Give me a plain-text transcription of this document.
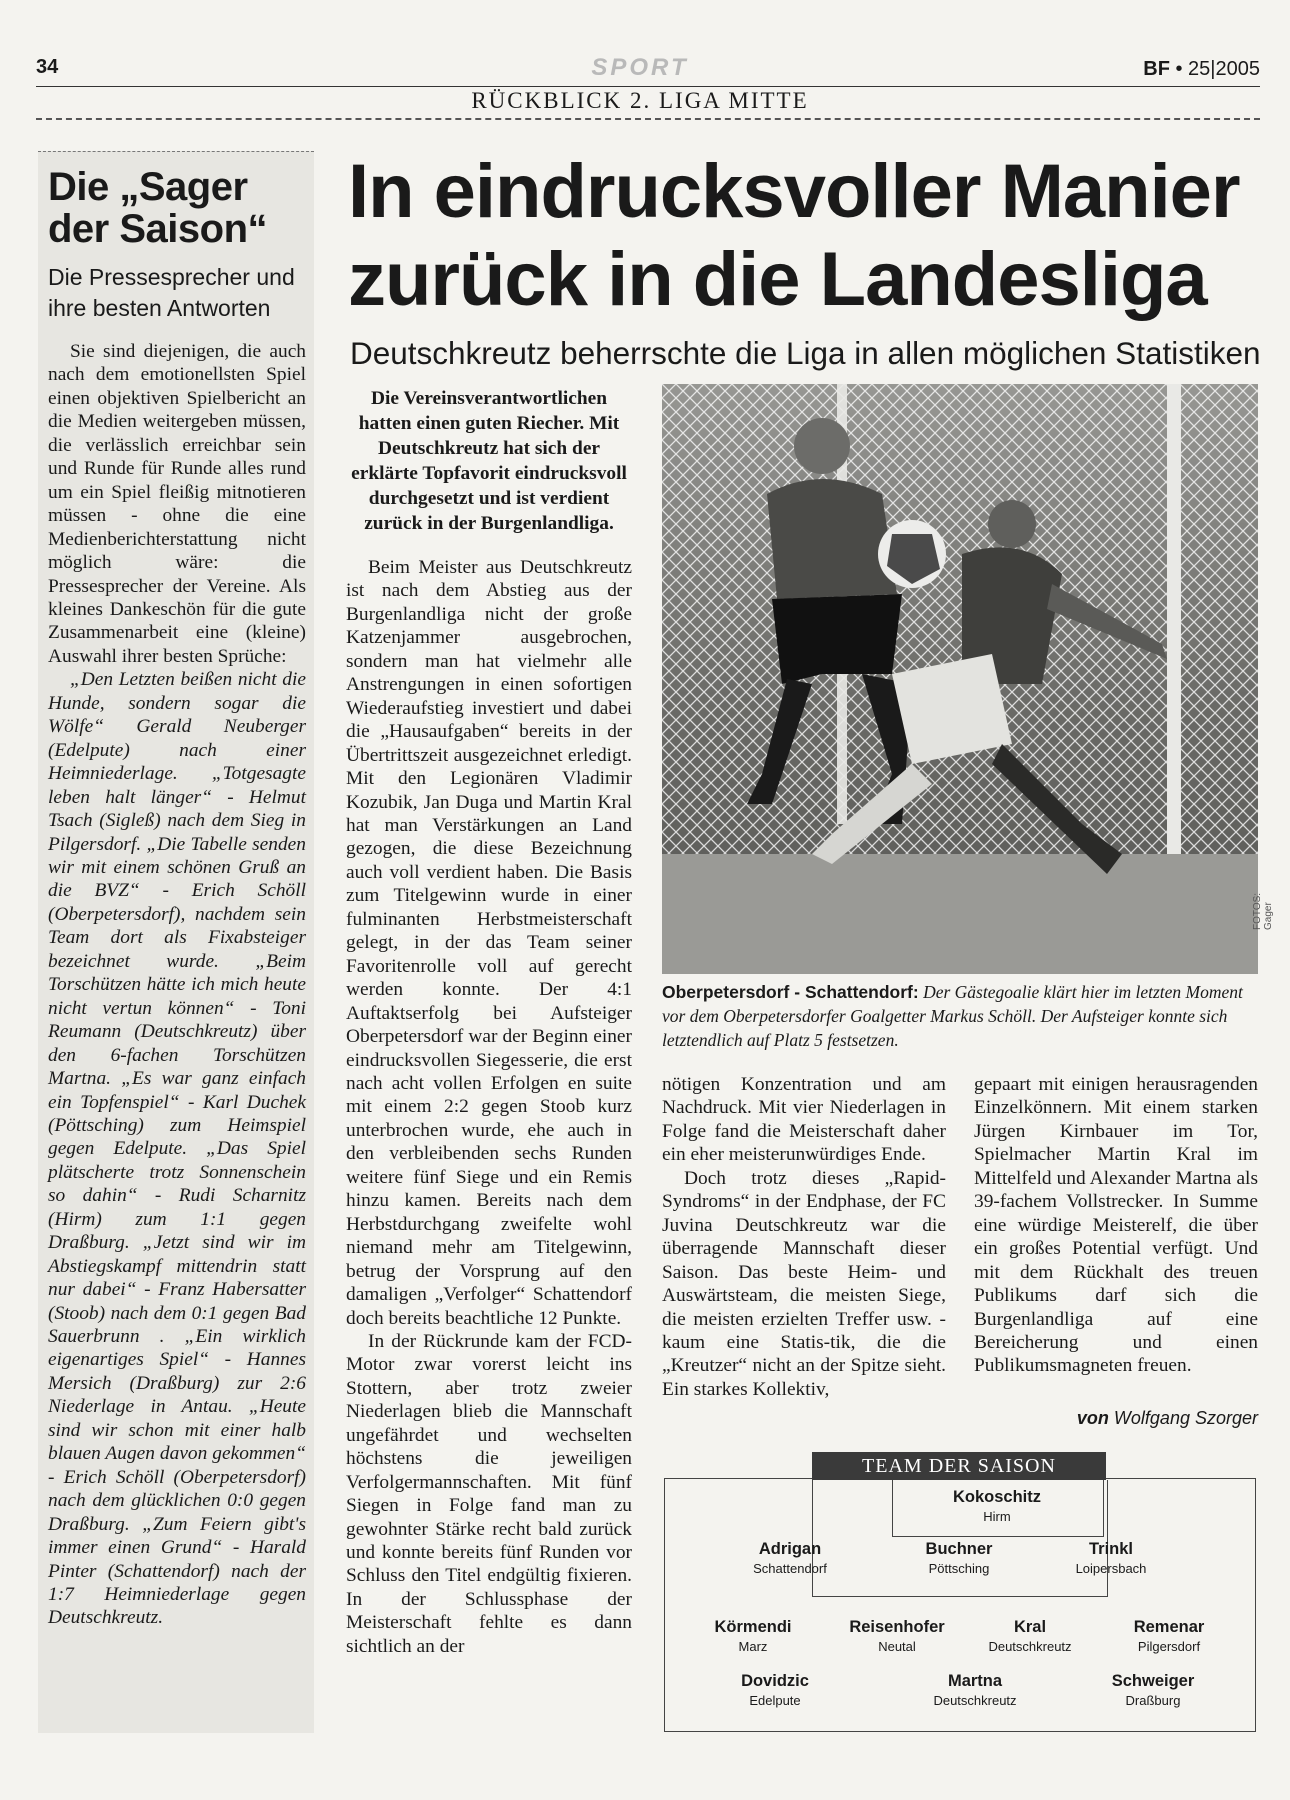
34	SPORT	BF • 25|2005
RÜCKBLICK 2. LIGA MITTE
Die „Sager
der Saison“
Die Pressesprecher und ihre besten Antworten

Sie sind diejenigen, die auch nach dem emotionellsten Spiel einen objektiven Spielbericht an die Medien weitergeben müssen, die verlässlich erreichbar sein und Runde für Runde alles rund um ein Spiel fleißig mitnotieren müssen - ohne die eine Medienberichterstattung nicht möglich wäre: die Pressesprecher der Vereine. Als kleines Dankeschön für die gute Zusammenarbeit eine (kleine) Auswahl ihrer besten Sprüche:

„Den Letzten beißen nicht die Hunde, sondern sogar die Wölfe“ Gerald Neuberger (Edelpute) nach einer Heimniederlage. „Totgesagte leben halt länger“ - Helmut Tsach (Sigleß) nach dem Sieg in Pilgersdorf. „Die Tabelle senden wir mit einem schönen Gruß an die BVZ“ - Erich Schöll (Oberpetersdorf), nachdem sein Team dort als Fixabsteiger bezeichnet wurde. „Beim Torschützen hätte ich mich heute nicht vertun können“ - Toni Reumann (Deutschkreutz) über den 6-fachen Torschützen Martna. „Es war ganz einfach ein Topfenspiel“ - Karl Duchek (Pöttsching) zum Heimspiel gegen Edelpute. „Das Spiel plätscherte trotz Sonnenschein so dahin“ - Rudi Scharnitz (Hirm) zum 1:1 gegen Draßburg. „Jetzt sind wir im Abstiegskampf mittendrin statt nur dabei“ - Franz Habersatter (Stoob) nach dem 0:1 gegen Bad Sauerbrunn . „Ein wirklich eigenartiges Spiel“ - Hannes Mersich (Draßburg) zur 2:6 Niederlage in Antau. „Heute sind wir schon mit einer halb blauen Augen davon gekommen“ - Erich Schöll (Oberpetersdorf) nach dem glücklichen 0:0 gegen Draßburg. „Zum Feiern gibt's immer einen Grund“ - Harald Pinter (Schattendorf) nach der 1:7 Heimniederlage gegen Deutschkreutz.

In eindrucksvoller Manier
zurück in die Landesliga
Deutschkreutz beherrschte die Liga in allen möglichen Statistiken
Die Vereinsverantwortlichen hatten einen guten Riecher. Mit Deutschkreutz hat sich der erklärte Topfavorit eindrucksvoll durchgesetzt und ist verdient zurück in der Burgenlandliga.

Beim Meister aus Deutschkreutz ist nach dem Abstieg aus der Burgenlandliga nicht der große Katzenjammer ausgebrochen, sondern man hat vielmehr alle Anstrengungen in einen sofortigen Wiederaufstieg investiert und dabei die „Hausaufgaben“ bereits in der Übertrittszeit ausgezeichnet erledigt. Mit den Legionären Vladimir Kozubik, Jan Duga und Martin Kral hat man Verstärkungen an Land gezogen, die diese Bezeichnung auch voll verdient haben. Die Basis zum Titelgewinn wurde in einer fulminanten Herbstmeisterschaft gelegt, in der das Team seiner Favoritenrolle voll auf gerecht werden konnte. Der 4:1 Auftaktserfolg bei Aufsteiger Oberpetersdorf war der Beginn einer eindrucksvollen Siegesserie, die erst nach acht vollen Erfolgen en suite mit einem 2:2 gegen Stoob kurz unterbrochen wurde, ehe auch in den verbleibenden sechs Runden weitere fünf Siege und ein Remis hinzu kamen. Bereits nach dem Herbstdurchgang zweifelte wohl niemand mehr am Titelgewinn, betrug der Vorsprung auf den damaligen „Verfolger“ Schattendorf doch bereits beachtliche 12 Punkte.

In der Rückrunde kam der FCD-Motor zwar vorerst leicht ins Stottern, aber trotz zweier Niederlagen blieb die Mannschaft ungefährdet und wechselten höchstens die jeweiligen Verfolgermannschaften. Mit fünf Siegen in Folge fand man zu gewohnter Stärke recht bald zurück und konnte bereits fünf Runden vor Schluss den Titel endgültig fixieren. In der Schlussphase der Meisterschaft fehlte es dann sichtlich an der

FOTOS: Gager
Oberpetersdorf - Schattendorf: Der Gästegoalie klärt hier im letzten Moment vor dem Oberpetersdorfer Goalgetter Markus Schöll. Der Aufsteiger konnte sich letztendlich auf Platz 5 festsetzen.

nötigen Konzentration und am Nachdruck. Mit vier Niederlagen in Folge fand die Meisterschaft daher ein eher meisterunwürdiges Ende.

Doch trotz dieses „Rapid-Syndroms“ in der Endphase, der FC Juvina Deutschkreutz war die überragende Mannschaft dieser Saison. Das beste Heim- und Auswärtsteam, die meisten Siege, die meisten erzielten Treffer usw. - kaum eine Statis-tik, die die „Kreutzer“ nicht an der Spitze sieht. Ein starkes Kollektiv,

gepaart mit einigen herausragenden Einzelkönnern. Mit einem starken Jürgen Kirnbauer im Tor, Spielmacher Martin Kral im Mittelfeld und Alexander Martna als 39-fachem Vollstrecker. In Summe eine würdige Meisterelf, die über ein großes Potential verfügt. Und mit dem Rückhalt des treuen Publikums darf sich die Burgenlandliga auf eine Bereicherung und einen Publikumsmagneten freuen.

von Wolfgang Szorger
TEAM DER SAISON
Kokoschitz
Hirm
Adrigan
Schattendorf
Buchner
Pöttsching
Trinkl
Loipersbach
Körmendi
Marz
Reisenhofer
Neutal
Kral
Deutschkreutz
Remenar
Pilgersdorf
Dovidzic
Edelpute
Martna
Deutschkreutz
Schweiger
Draßburg
